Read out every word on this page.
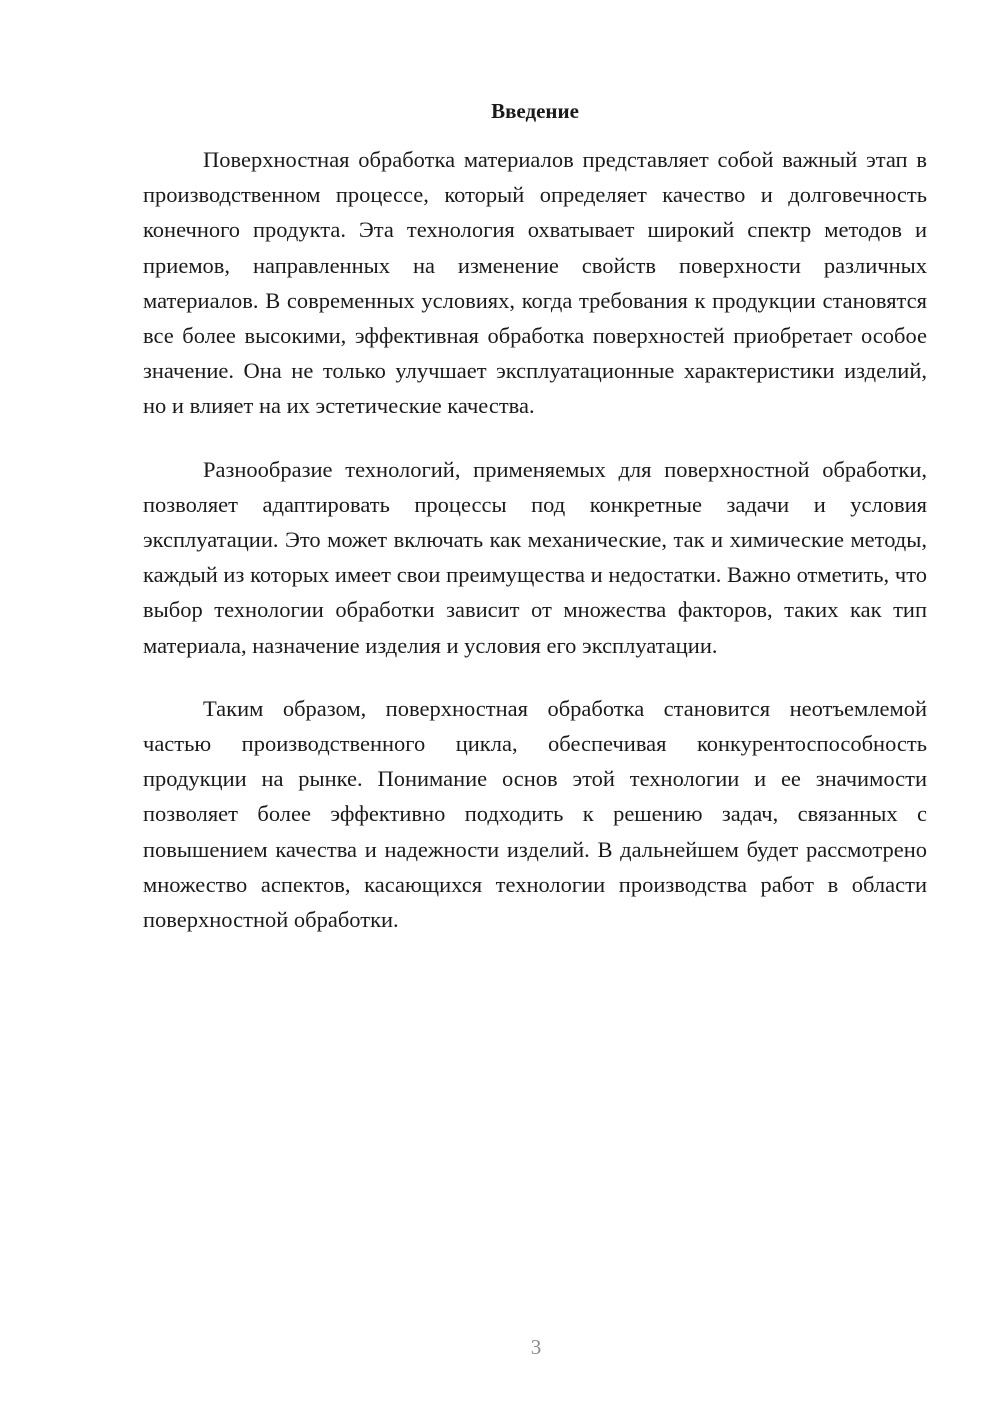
Введение

Поверхностная обработка материалов представляет собой важный этап в производственном процессе, который определяет качество и долговечность конечного продукта. Эта технология охватывает широкий спектр методов и приемов, направленных на изменение свойств поверхности различных материалов. В современных условиях, когда требования к продукции становятся все более высокими, эффективная обработка поверхностей приобретает особое значение. Она не только улучшает эксплуатационные характеристики изделий, но и влияет на их эстетические качества.

Разнообразие технологий, применяемых для поверхностной обработки, позволяет адаптировать процессы под конкретные задачи и условия эксплуатации. Это может включать как механические, так и химические методы, каждый из которых имеет свои преимущества и недостатки. Важно отметить, что выбор технологии обработки зависит от множества факторов, таких как тип материала, назначение изделия и условия его эксплуатации.

Таким образом, поверхностная обработка становится неотъемлемой частью производственного цикла, обеспечивая конкурентоспособность продукции на рынке. Понимание основ этой технологии и ее значимости позволяет более эффективно подходить к решению задач, связанных с повышением качества и надежности изделий. В дальнейшем будет рассмотрено множество аспектов, касающихся технологии производства работ в области поверхностной обработки.

3
